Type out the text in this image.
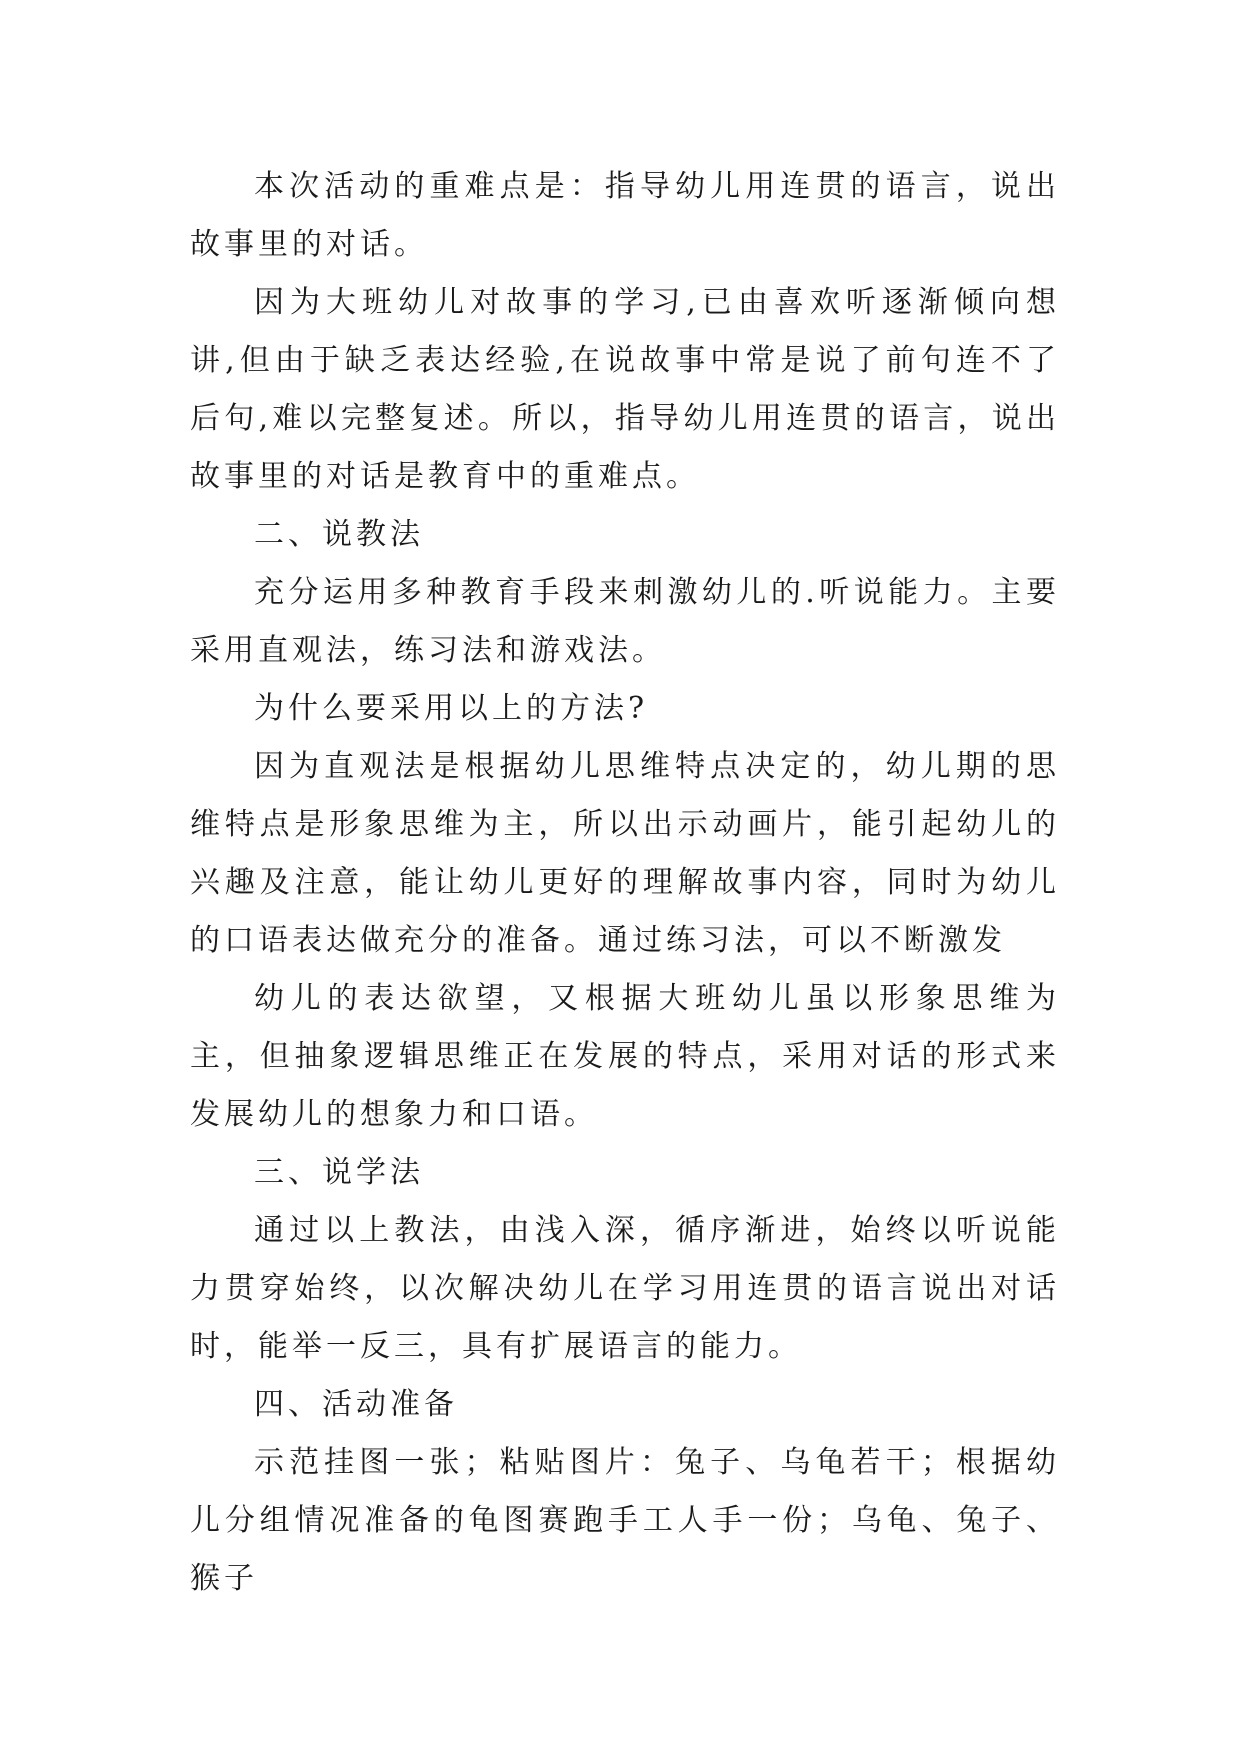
本次活动的重难点是：指导幼儿用连贯的语言，说出故事里的对话。

因为大班幼儿对故事的学习,已由喜欢听逐渐倾向想讲,但由于缺乏表达经验,在说故事中常是说了前句连不了后句,难以完整复述。所以，指导幼儿用连贯的语言，说出故事里的对话是教育中的重难点。

二、说教法

充分运用多种教育手段来刺激幼儿的.听说能力。主要采用直观法，练习法和游戏法。

为什么要采用以上的方法?

因为直观法是根据幼儿思维特点决定的，幼儿期的思维特点是形象思维为主，所以出示动画片，能引起幼儿的兴趣及注意，能让幼儿更好的理解故事内容，同时为幼儿的口语表达做充分的准备。通过练习法，可以不断激发

幼儿的表达欲望，又根据大班幼儿虽以形象思维为主，但抽象逻辑思维正在发展的特点，采用对话的形式来发展幼儿的想象力和口语。

三、说学法

通过以上教法，由浅入深，循序渐进，始终以听说能力贯穿始终，以次解决幼儿在学习用连贯的语言说出对话时，能举一反三，具有扩展语言的能力。

四、活动准备

示范挂图一张；粘贴图片：兔子、乌龟若干；根据幼儿分组情况准备的龟图赛跑手工人手一份；乌龟、兔子、猴子
